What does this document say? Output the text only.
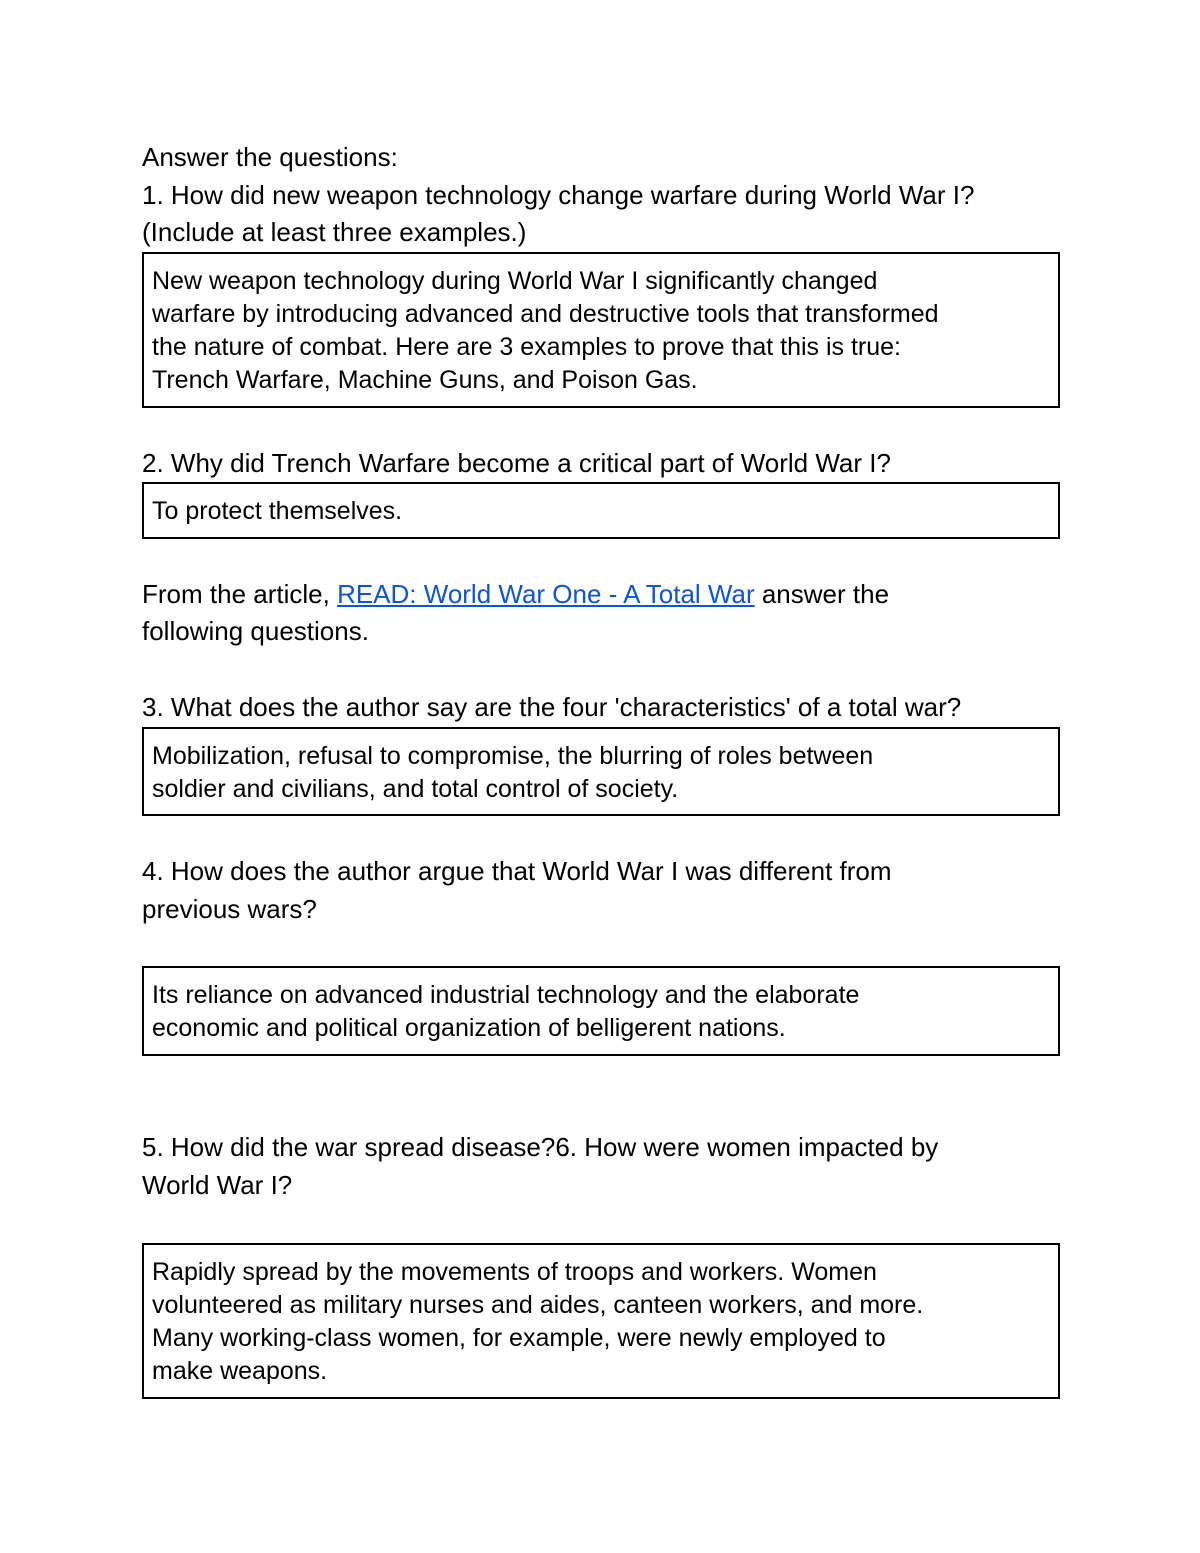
Answer the questions:
1. How did new weapon technology change warfare during World War I?
(Include at least three examples.)
New weapon technology during World War I significantly changed
warfare by introducing advanced and destructive tools that transformed
the nature of combat. Here are 3 examples to prove that this is true:
Trench Warfare, Machine Guns, and Poison Gas.
2. Why did Trench Warfare become a critical part of World War I?
To protect themselves.
From the article, READ: World War One - A Total War answer the
following questions.
3. What does the author say are the four 'characteristics' of a total war?
Mobilization, refusal to compromise, the blurring of roles between
soldier and civilians, and total control of society.
4. How does the author argue that World War I was different from
previous wars?
Its reliance on advanced industrial technology and the elaborate
economic and political organization of belligerent nations.
5. How did the war spread disease?6. How were women impacted by
World War I?
Rapidly spread by the movements of troops and workers. Women
volunteered as military nurses and aides, canteen workers, and more.
Many working-class women, for example, were newly employed to
make weapons.
